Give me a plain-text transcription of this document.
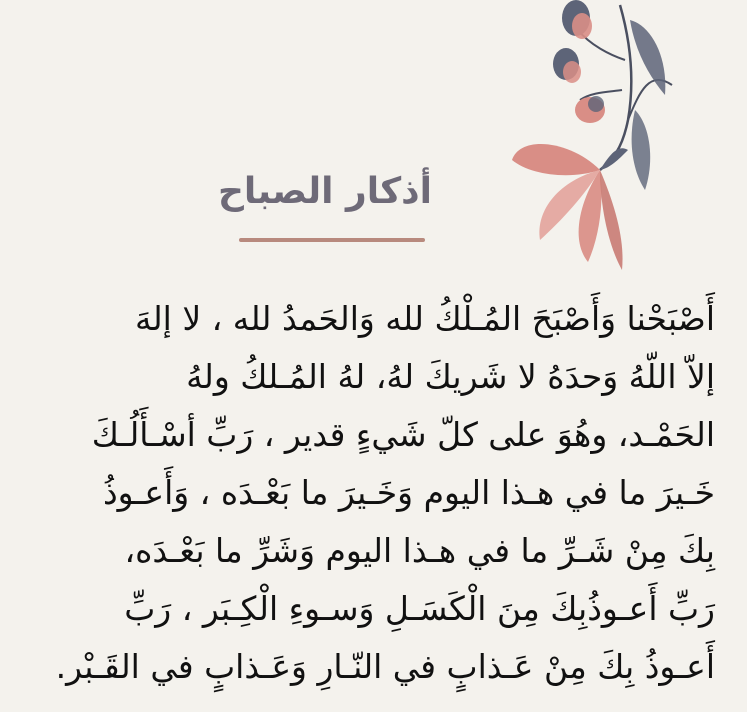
أذكار الصباح
أَصْبَحْنا وَأَصْبَحَ المُـلْكُ لله وَالحَمدُ لله ، لا إلهَ
إلاّ اللّهُ وَحدَهُ لا شَريكَ لهُ، لهُ المُـلكُ ولهُ
الحَمْـد، وهُوَ على كلّ شَيءٍ قدير ، رَبِّ أسْـأَلُـكَ
خَـيرَ ما في هـذا اليوم وَخَـيرَ ما بَعْـدَه ، وَأَعـوذُ
بِكَ مِنْ شَـرِّ ما في هـذا اليوم وَشَرِّ ما بَعْـدَه،
رَبِّ أَعـوذُبِكَ مِنَ الْكَسَـلِ وَسـوءِ الْكِـبَر ، رَبِّ
أَعـوذُ بِكَ مِنْ عَـذابٍ في النّـارِ وَعَـذابٍ في القَـبْر.
